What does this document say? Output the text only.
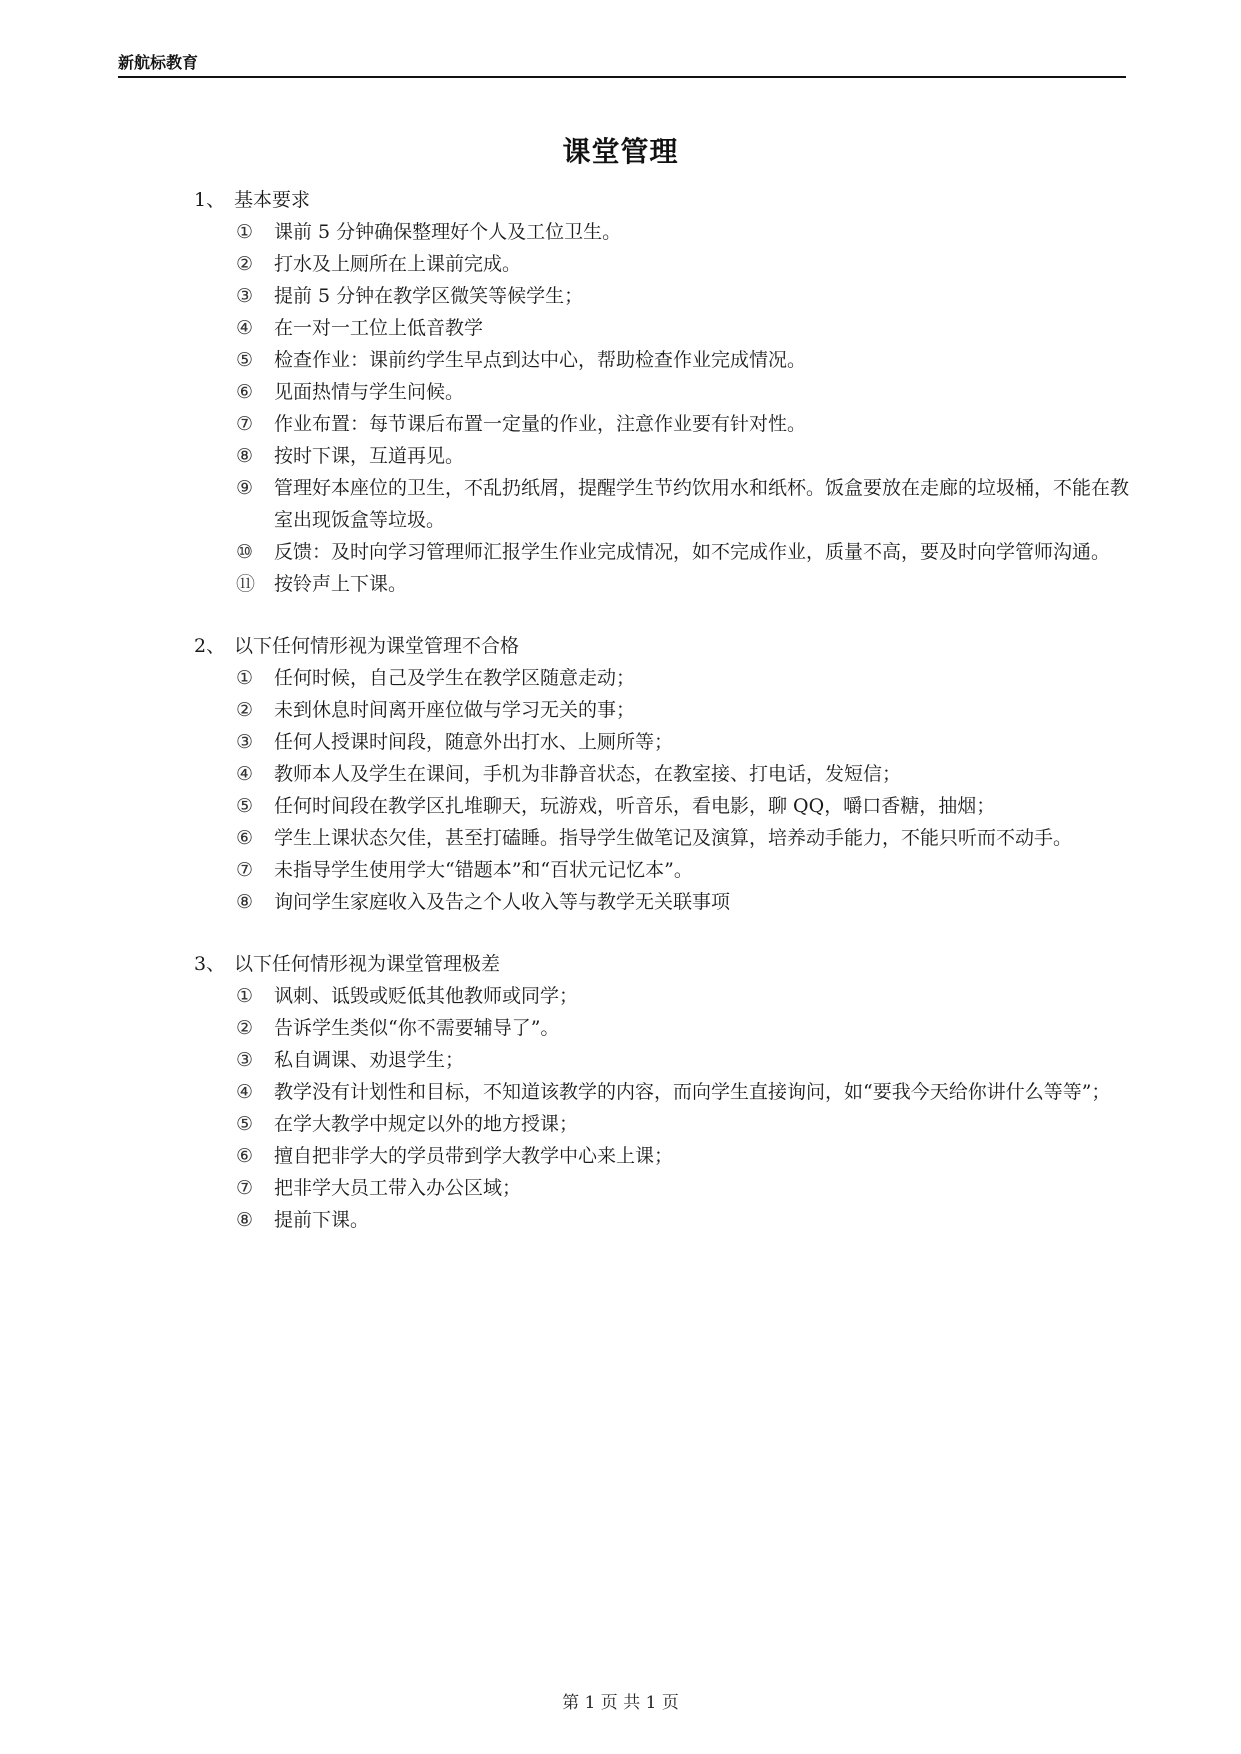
新航标教育
课堂管理
1、 基本要求
①	课前 5 分钟确保整理好个人及工位卫生。
②	打水及上厕所在上课前完成。
③	提前 5 分钟在教学区微笑等候学生；
④	在一对一工位上低音教学
⑤	检查作业：课前约学生早点到达中心，帮助检查作业完成情况。
⑥	见面热情与学生问候。
⑦	作业布置：每节课后布置一定量的作业，注意作业要有针对性。
⑧	按时下课，互道再见。
⑨	管理好本座位的卫生，不乱扔纸屑，提醒学生节约饮用水和纸杯。饭盒要放在走廊的垃圾桶，不能在教室出现饭盒等垃圾。
⑩	反馈：及时向学习管理师汇报学生作业完成情况，如不完成作业，质量不高，要及时向学管师沟通。
⑪ 按铃声上下课。
2、 以下任何情形视为课堂管理不合格
①	任何时候，自己及学生在教学区随意走动；
②	未到休息时间离开座位做与学习无关的事；
③	任何人授课时间段，随意外出打水、上厕所等；
④	教师本人及学生在课间，手机为非静音状态，在教室接、打电话，发短信；
⑤	任何时间段在教学区扎堆聊天，玩游戏，听音乐，看电影，聊 QQ，嚼口香糖，抽烟；
⑥	学生上课状态欠佳，甚至打磕睡。指导学生做笔记及演算，培养动手能力，不能只听而不动手。
⑦	未指导学生使用学大“错题本”和“百状元记忆本”。
⑧	询问学生家庭收入及告之个人收入等与教学无关联事项
3、 以下任何情形视为课堂管理极差
①	讽刺、诋毁或贬低其他教师或同学；
②	告诉学生类似“你不需要辅导了”。
③	私自调课、劝退学生；
④	教学没有计划性和目标，不知道该教学的内容，而向学生直接询问，如“要我今天给你讲什么等等”；
⑤	在学大教学中规定以外的地方授课；
⑥	擅自把非学大的学员带到学大教学中心来上课；
⑦	把非学大员工带入办公区域；
⑧	提前下课。
第 1 页 共 1 页
